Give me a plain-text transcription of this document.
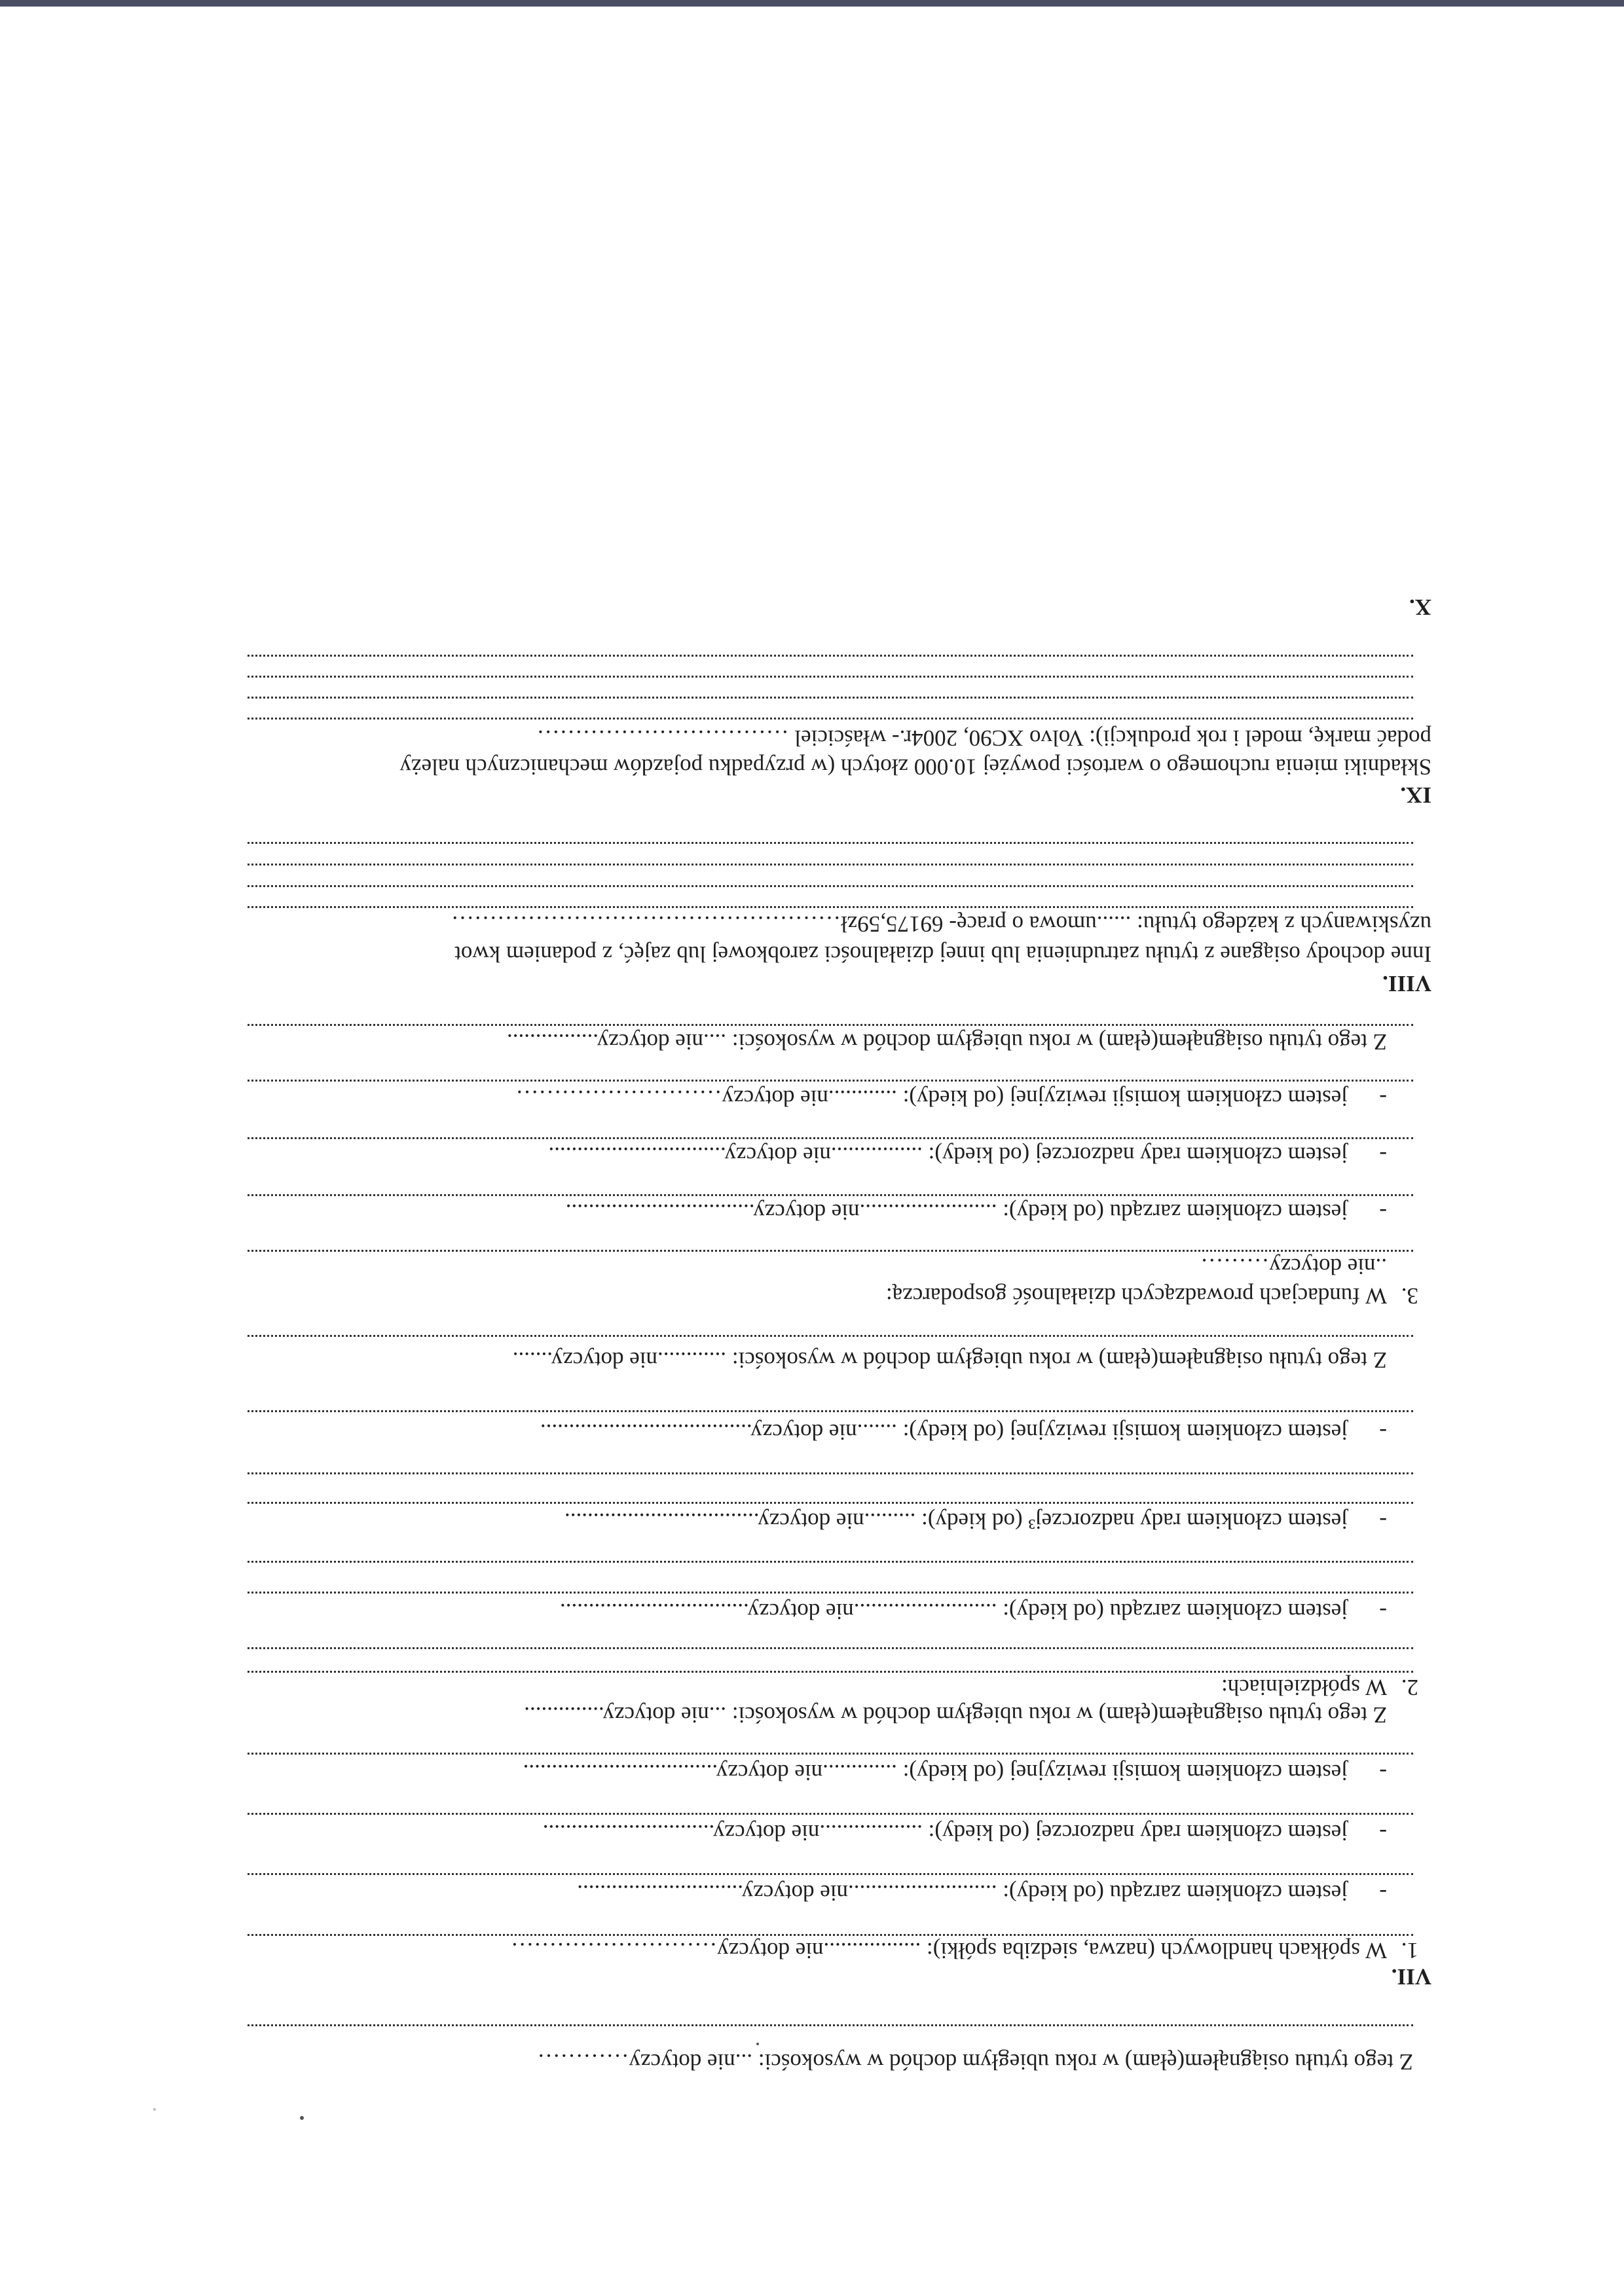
Z tego tytułu osiągnąłem(ęłam) w roku ubiegłym dochód w wysokości: ...nie dotyczy…………
VII.
1.
W spółkach handlowych (nazwa, siedziba spółki): .................nie dotyczy………………………
-
jestem członkiem zarządu (od kiedy): ..........................nie dotyczy.............................
-
jestem członkiem rady nadzorczej (od kiedy): ..................nie dotyczy..............................
-
jestem członkiem komisji rewizyjnej (od kiedy): .............nie dotyczy..................................
Z tego tytułu osiągnąłem(ęłam) w roku ubiegłym dochód w wysokości: ...nie dotyczy..............
2.
W spółdzielniach:
-
jestem członkiem zarządu (od kiedy): .........................nie dotyczy.................................
-
jestem członkiem rady nadzorczej³ (od kiedy): .........nie dotyczy..................................
-
jestem członkiem komisji rewizyjnej (od kiedy): .......nie dotyczy.....................................
Z tego tytułu osiągnąłem(ęłam) w roku ubiegłym dochód w wysokości: ............nie dotyczy.......
3.
W fundacjach prowadzących działalność gospodarczą:
..nie dotyczy………
-
jestem członkiem zarządu (od kiedy): ........................nie dotyczy.................................
-
jestem członkiem rady nadzorczej (od kiedy): ................nie dotyczy...............................
-
jestem członkiem komisji rewizyjnej (od kiedy): ............nie dotyczy………………………
Z tego tytułu osiągnąłem(ęłam) w roku ubiegłym dochód w wysokości: ....nie dotyczy................
VIII.
Inne dochody osiągane z tytułu zatrudnienia lub innej działalności zarobkowej lub zajęć, z podaniem kwot
uzyskiwanych z każdego tytułu: ......umowa o pracę- 69175,59zł……………………………………………
IX.
Składniki mienia ruchomego o wartości powyżej 10.000 złotych (w przypadku pojazdów mechanicznych należy
podać markę, model i rok produkcji): Volvo XC90, 2004r.- właściciel ……………………………
X.
